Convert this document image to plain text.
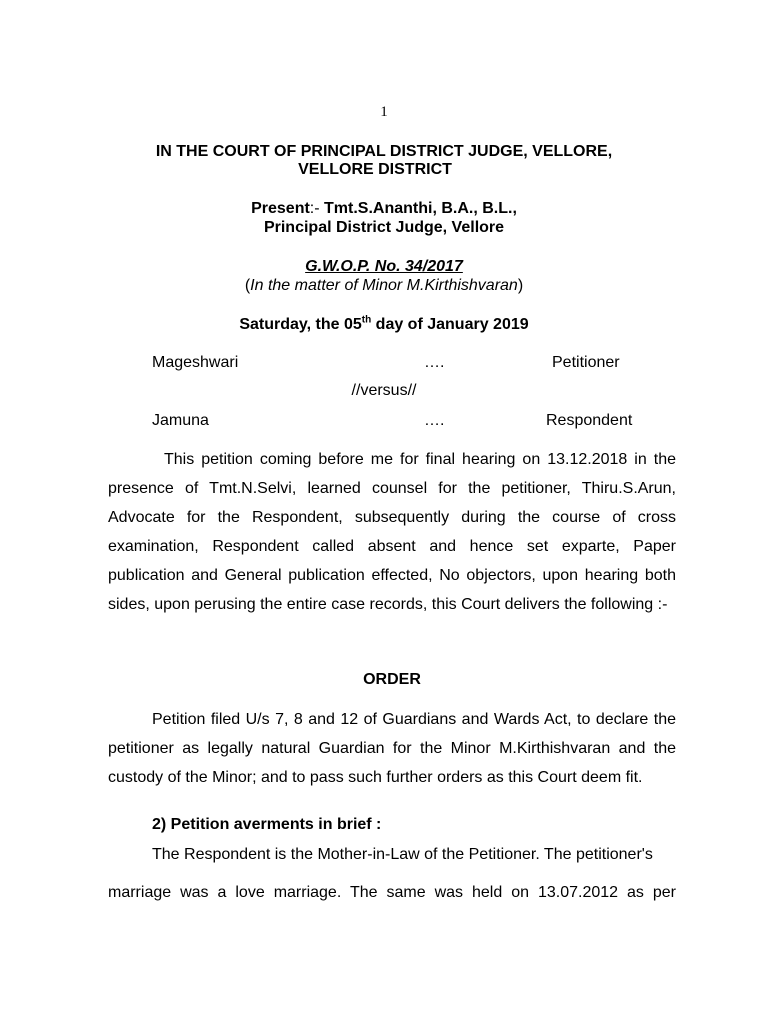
1
IN THE COURT OF PRINCIPAL DISTRICT JUDGE, VELLORE,
VELLORE DISTRICT
Present:- Tmt.S.Ananthi, B.A., B.L.,
Principal District Judge, Vellore
G.W.O.P. No. 34/2017
(In the matter of Minor M.Kirthishvaran)
Saturday, the 05th day of January 2019
Mageshwari	….	Petitioner
//versus//
Jamuna	….	Respondent
This petition coming before me for final hearing on 13.12.2018 in the presence of Tmt.N.Selvi, learned counsel for the petitioner, Thiru.S.Arun, Advocate for the Respondent, subsequently during the course of cross examination, Respondent called absent and hence set exparte, Paper publication and General publication effected, No objectors, upon hearing both sides, upon perusing the entire case records, this Court delivers the following :-
ORDER
Petition filed U/s 7, 8 and 12 of Guardians and Wards Act, to declare the petitioner as legally natural Guardian for the Minor M.Kirthishvaran and the custody of the Minor; and to pass such further orders as this Court deem fit.
2) Petition averments in brief :
The Respondent is the Mother-in-Law of the Petitioner. The petitioner's
marriage was a love marriage. The same was held on 13.07.2012 as per
